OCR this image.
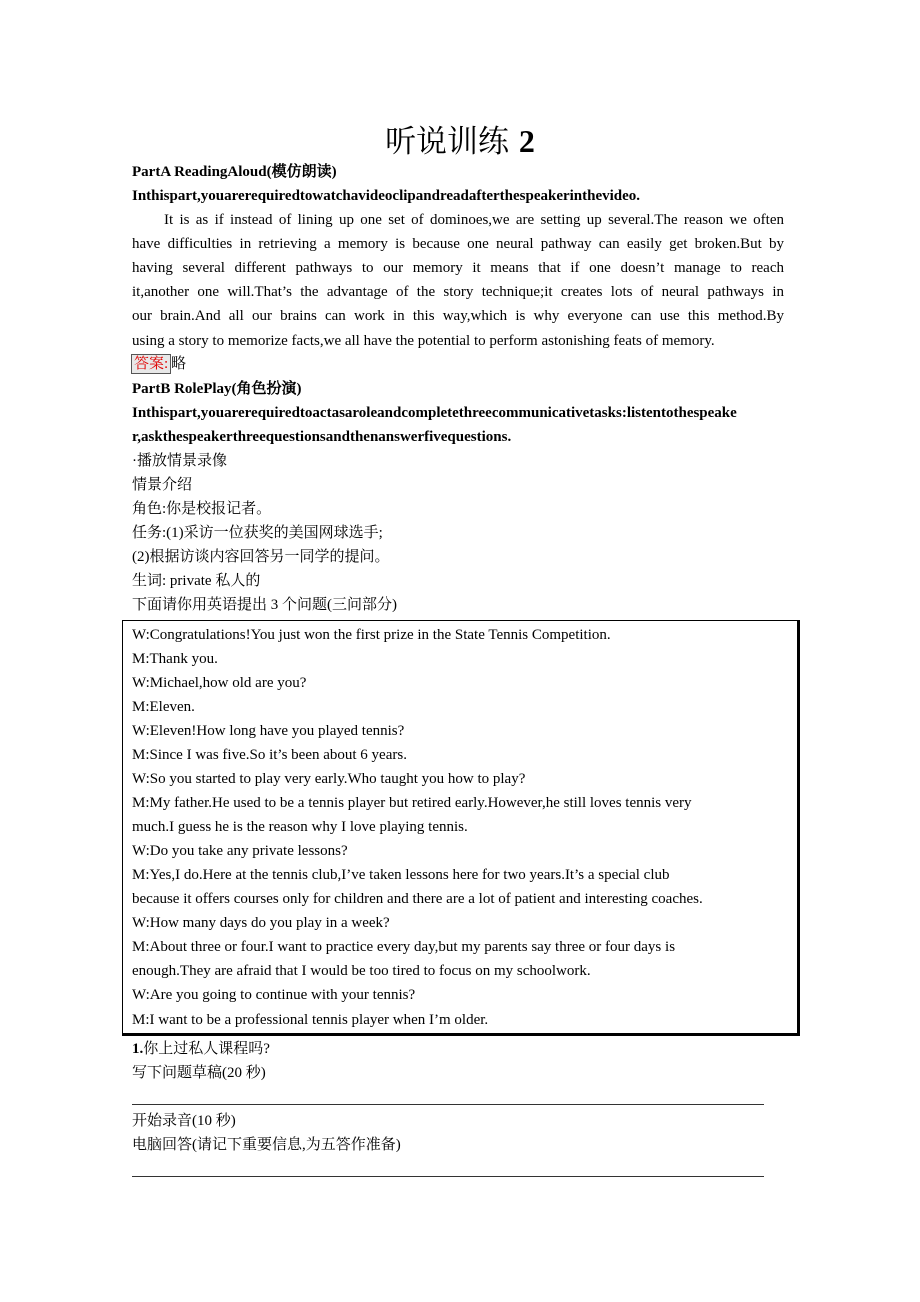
听说训练 2
PartA ReadingAloud(模仿朗读)
Inthispart,youarerequiredtowatchavideoclipandreadafterthespeakerinthevideo.
It is as if instead of lining up one set of dominoes,we are setting up several.The reason we often
have difficulties in retrieving a memory is because one neural pathway can easily get broken.But by
having several different pathways to our memory it means that if one doesn’t manage to reach
it,another one will.That’s the advantage of the story technique;it creates lots of neural pathways in
our brain.And all our brains can work in this way,which is why everyone can use this method.By
using a story to memorize facts,we all have the potential to perform astonishing feats of memory.
答案: 略
PartB RolePlay(角色扮演)
Inthispart,youarerequiredtoactasaroleandcompletethreecommunicativetasks:listentothespeake
r,askthespeakerthreequestionsandthenanswerfivequestions.
·播放情景录像
情景介绍
角色:你是校报记者。
任务:(1)采访一位获奖的美国网球选手;
(2)根据访谈内容回答另一同学的提问。
生词: private 私人的
下面请你用英语提出 3 个问题(三问部分)
W:Congratulations!You just won the first prize in the State Tennis Competition.
M:Thank you.
W:Michael,how old are you?
M:Eleven.
W:Eleven!How long have you played tennis?
M:Since I was five.So it’s been about 6 years.
W:So you started to play very early.Who taught you how to play?
M:My father.He used to be a tennis player but retired early.However,he still loves tennis very
much.I guess he is the reason why I love playing tennis.
W:Do you take any private lessons?
M:Yes,I do.Here at the tennis club,I’ve taken lessons here for two years.It’s a special club
because it offers courses only for children and there are a lot of patient and interesting coaches.
W:How many days do you play in a week?
M:About three or four.I want to practice every day,but my parents say three or four days is
enough.They are afraid that I would be too tired to focus on my schoolwork.
W:Are you going to continue with your tennis?
M:I want to be a professional tennis player when I’m older.
1.你上过私人课程吗?
写下问题草稿(20 秒)
开始录音(10 秒)
电脑回答(请记下重要信息,为五答作准备)
